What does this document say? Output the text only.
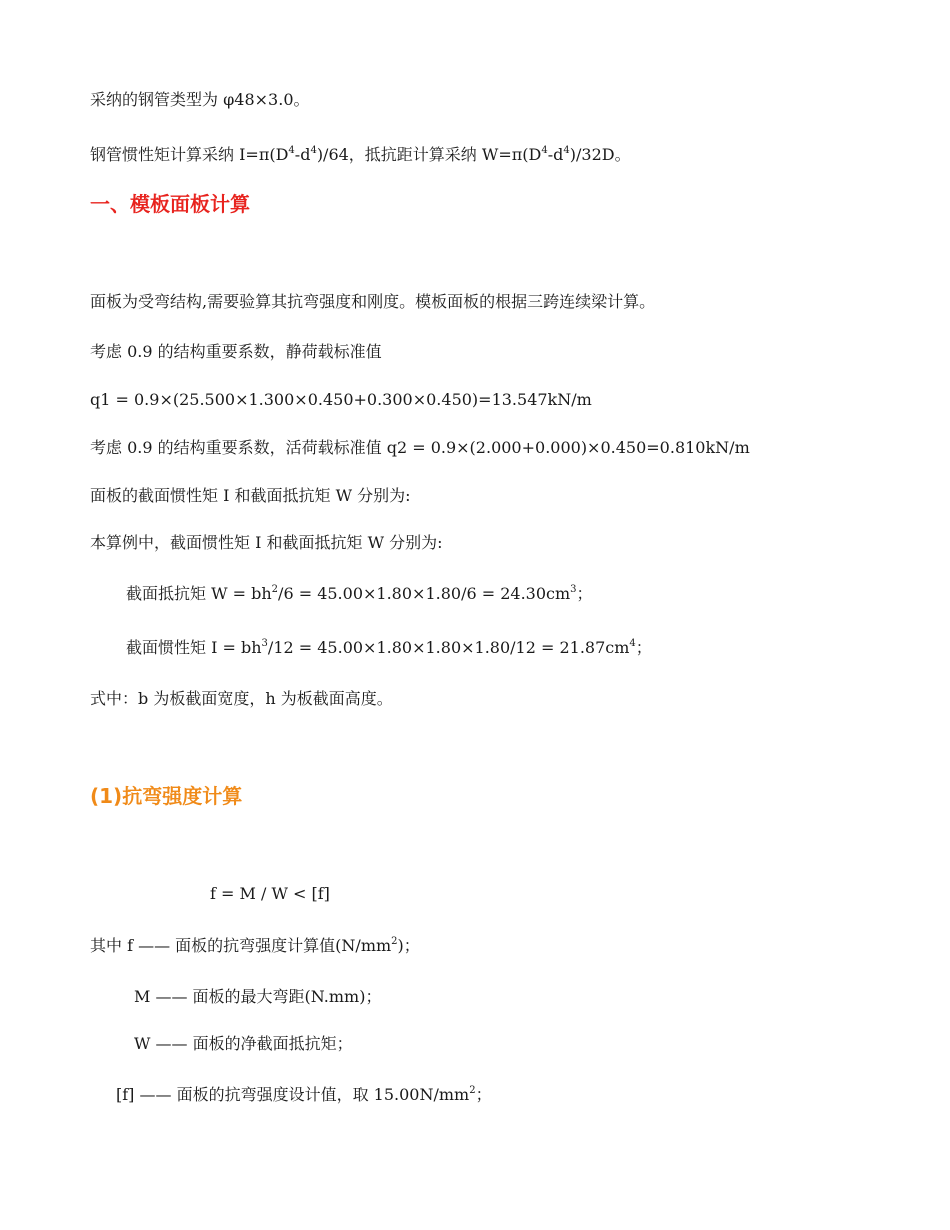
采纳的钢管类型为 φ48×3.0。
钢管惯性矩计算采纳 $I=\pi(D^4-d^4)/64$，抵抗距计算采纳 $W=\pi(D^4-d^4)/32D$。
一、模板面板计算
面板为受弯结构,需要验算其抗弯强度和刚度。模板面板的根据三跨连续梁计算。
考虑 0.9 的结构重要系数，静荷载标准值
q1 = 0.9×(25.500×1.300×0.450+0.300×0.450)=13.547kN/m
考虑 0.9 的结构重要系数，活荷载标准值 q2 = 0.9×(2.000+0.000)×0.450=0.810kN/m
面板的截面惯性矩 I 和截面抵抗矩 W 分别为:
本算例中，截面惯性矩 I 和截面抵抗矩 W 分别为:
截面抵抗矩 $W = bh^2/6 = 45.00\times 1.80\times 1.80/6 = 24.30cm^3$；
截面惯性矩 $I = bh^3/12 = 45.00\times 1.80\times 1.80\times 1.80/12 = 21.87cm^4$；
式中：b 为板截面宽度，h 为板截面高度。
(1)抗弯强度计算
f = M / W < [f]
其中 f —— 面板的抗弯强度计算值$(N/mm^2)$；
M —— 面板的最大弯距(N.mm)；
W —— 面板的净截面抵抗矩；
[f] —— 面板的抗弯强度设计值，取 $15.00N/mm^2$；
